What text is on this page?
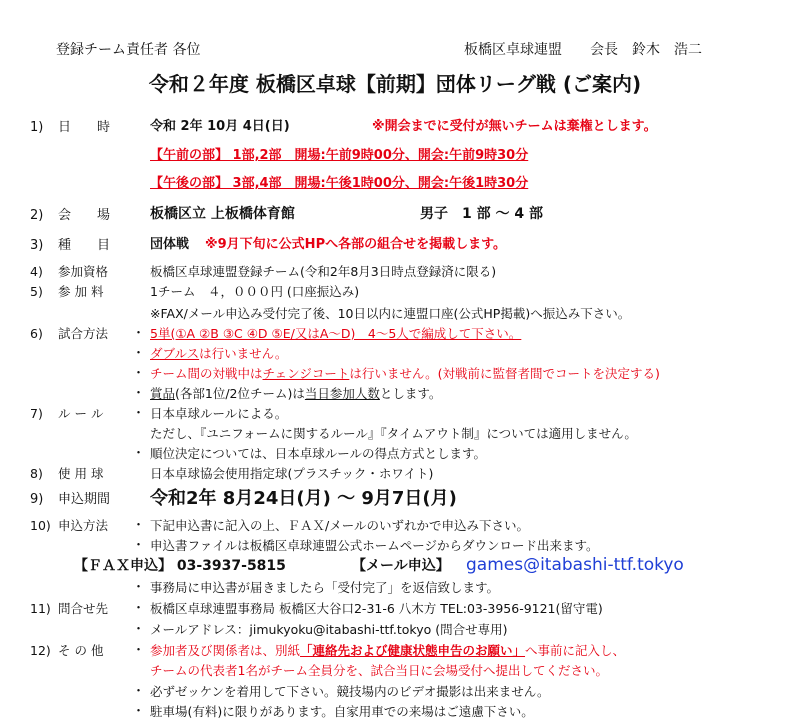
登録チーム責任者 各位	板橋区卓球連盟　　会長　鈴木　浩二
令和２年度 板橋区卓球【前期】団体リーグ戦 (ご案内)
1) 日　　時	令和 2年 10月 4日(日)	※開会までに受付が無いチームは棄権とします。
【午前の部】 1部,2部　開場:午前9時00分、開会:午前9時30分
【午後の部】 3部,4部　開場:午後1時00分、開会:午後1時30分
2) 会　　場	板橋区立 上板橋体育館	男子　1 部 〜 4 部
3) 種　　目	団体戦 ※9月下旬に公式HPへ各部の組合せを掲載します。
4) 参加資格	板橋区卓球連盟登録チーム(令和2年8月3日時点登録済に限る)
5) 参 加 料	1チーム　４，０００円 (口座振込み)
※FAX/メール申込み受付完了後、10日以内に連盟口座(公式HP掲載)へ振込み下さい。
6) 試合方法 ・ 5単(①A ②B ③C ④D ⑤E/又はA〜D)　4〜5人で編成して下さい。
・ ダブルスは行いません。
・ チーム間の対戦中はチェンジコートは行いません。(対戦前に監督者間でコートを決定する)
・ 賞品(各部1位/2位チーム)は当日参加人数とします。
7) ル ー ル ・ 日本卓球ルールによる。
ただし、『ユニフォームに関するルール』『タイムアウト制』については適用しません。
・ 順位決定については、日本卓球ルールの得点方式とします。
8) 使 用 球	日本卓球協会使用指定球(プラスチック・ホワイト)
9) 申込期間 令和2年 8月24日(月) 〜 9月7日(月)
10) 申込方法 ・ 下記申込書に記入の上、ＦＡＸ/メールのいずれかで申込み下さい。
・ 申込書ファイルは板橋区卓球連盟公式ホームページからダウンロード出来ます。
【ＦＡＸ申込】 03-3937-5815	【メール申込】 games@itabashi-ttf.tokyo
・ 事務局に申込書が届きましたら「受付完了」を返信致します。
11) 問合せ先 ・ 板橋区卓球連盟事務局 板橋区大谷口2-31-6 八木方 TEL:03-3956-9121(留守電)
・ メールアドレス：jimukyoku@itabashi-ttf.tokyo (問合せ専用)
12) そ の 他 ・ 参加者及び関係者は、別紙「連絡先および健康状態申告のお願い」へ事前に記入し、
チームの代表者1名がチーム全員分を、試合当日に会場受付へ提出してください。
・ 必ずゼッケンを着用して下さい。競技場内のビデオ撮影は出来ません。
・ 駐車場(有料)に限りがあります。自家用車での来場はご遠慮下さい。
